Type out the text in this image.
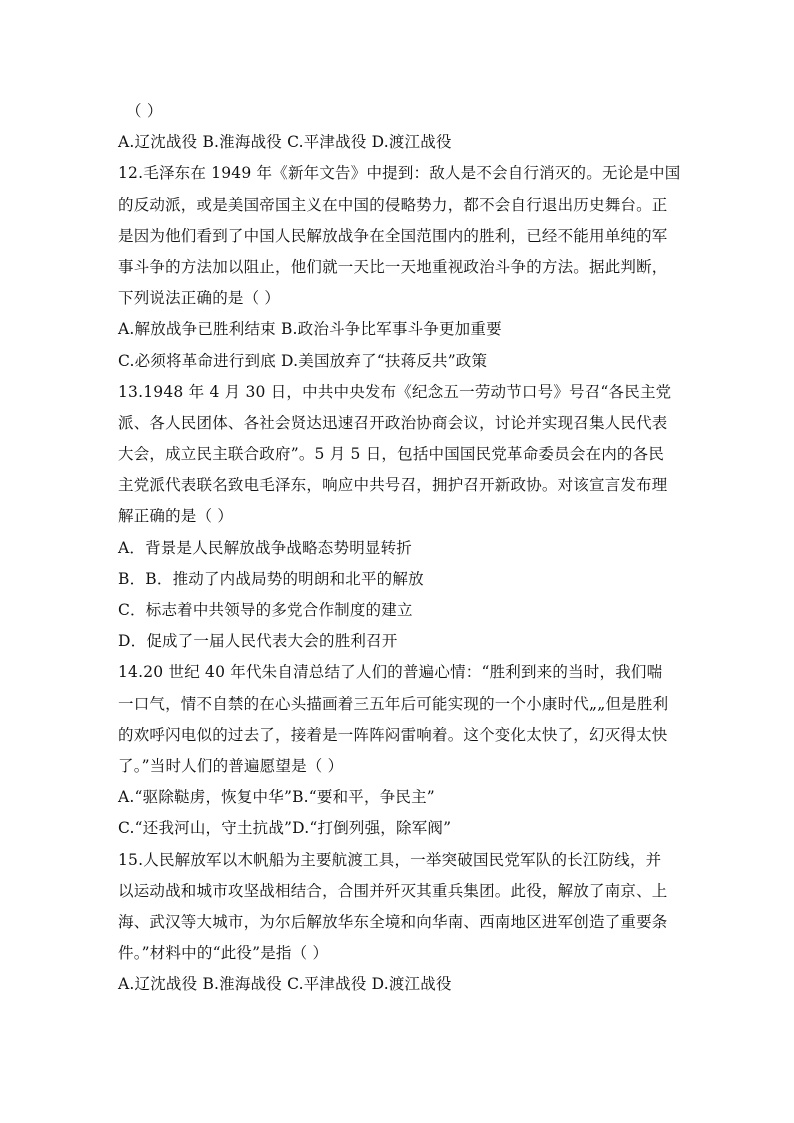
（ ）
A.辽沈战役 B.淮海战役 C.平津战役 D.渡江战役
12.毛泽东在 1949 年《新年文告》中提到：敌人是不会自行消灭的。无论是中国
的反动派，或是美国帝国主义在中国的侵略势力，都不会自行退出历史舞台。正
是因为他们看到了中国人民解放战争在全国范围内的胜利，已经不能用单纯的军
事斗争的方法加以阻止，他们就一天比一天地重视政治斗争的方法。据此判断，
下列说法正确的是（ ）
A.解放战争已胜利结束 B.政治斗争比军事斗争更加重要
C.必须将革命进行到底 D.美国放弃了“扶蒋反共”政策
13.1948 年 4 月 30 日，中共中央发布《纪念五一劳动节口号》号召“各民主党
派、各人民团体、各社会贤达迅速召开政治协商会议，讨论并实现召集人民代表
大会，成立民主联合政府”。5 月 5 日，包括中国国民党革命委员会在内的各民
主党派代表联名致电毛泽东，响应中共号召，拥护召开新政协。对该宣言发布理
解正确的是（ ）
A．背景是人民解放战争战略态势明显转折
B．B．推动了内战局势的明朗和北平的解放
C．标志着中共领导的多党合作制度的建立
D．促成了一届人民代表大会的胜利召开
14.20 世纪 40 年代朱自清总结了人们的普遍心情：“胜利到来的当时，我们喘
一口气，情不自禁的在心头描画着三五年后可能实现的一个小康时代„„但是胜利
的欢呼闪电似的过去了，接着是一阵阵闷雷响着。这个变化太快了，幻灭得太快
了。”当时人们的普遍愿望是（ ）
A.“驱除鞑虏，恢复中华”B.“要和平，争民主”
C.“还我河山，守土抗战”D.“打倒列强，除军阀”
15.人民解放军以木帆船为主要航渡工具，一举突破国民党军队的长江防线，并
以运动战和城市攻坚战相结合，合围并歼灭其重兵集团。此役，解放了南京、上
海、武汉等大城市，为尔后解放华东全境和向华南、西南地区进军创造了重要条
件。”材料中的“此役”是指（ ）
A.辽沈战役 B.淮海战役 C.平津战役 D.渡江战役
